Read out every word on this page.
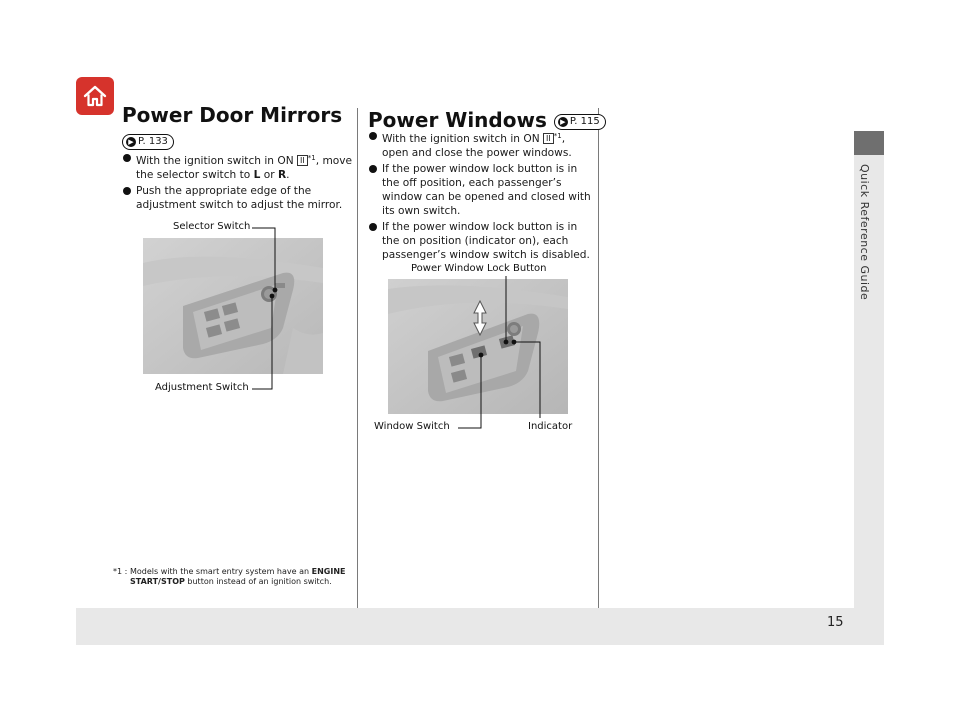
Quick Reference Guide
15
Power Door Mirrors
▶ P. 133
With the ignition switch in ON II $^{*1}$, move the selector switch to L or R.
Push the appropriate edge of the adjustment switch to adjust the mirror.
Selector Switch
Adjustment Switch
*1 : Models with the smart entry system have an ENGINE START/STOP button instead of an ignition switch.
Power Windows ▶ P. 115
With the ignition switch in ON II $^{*1}$, open and close the power windows.
If the power window lock button is in the off position, each passenger’s window can be opened and closed with its own switch.
If the power window lock button is in the on position (indicator on), each passenger’s window switch is disabled.
Power Window Lock Button
Window Switch	Indicator
